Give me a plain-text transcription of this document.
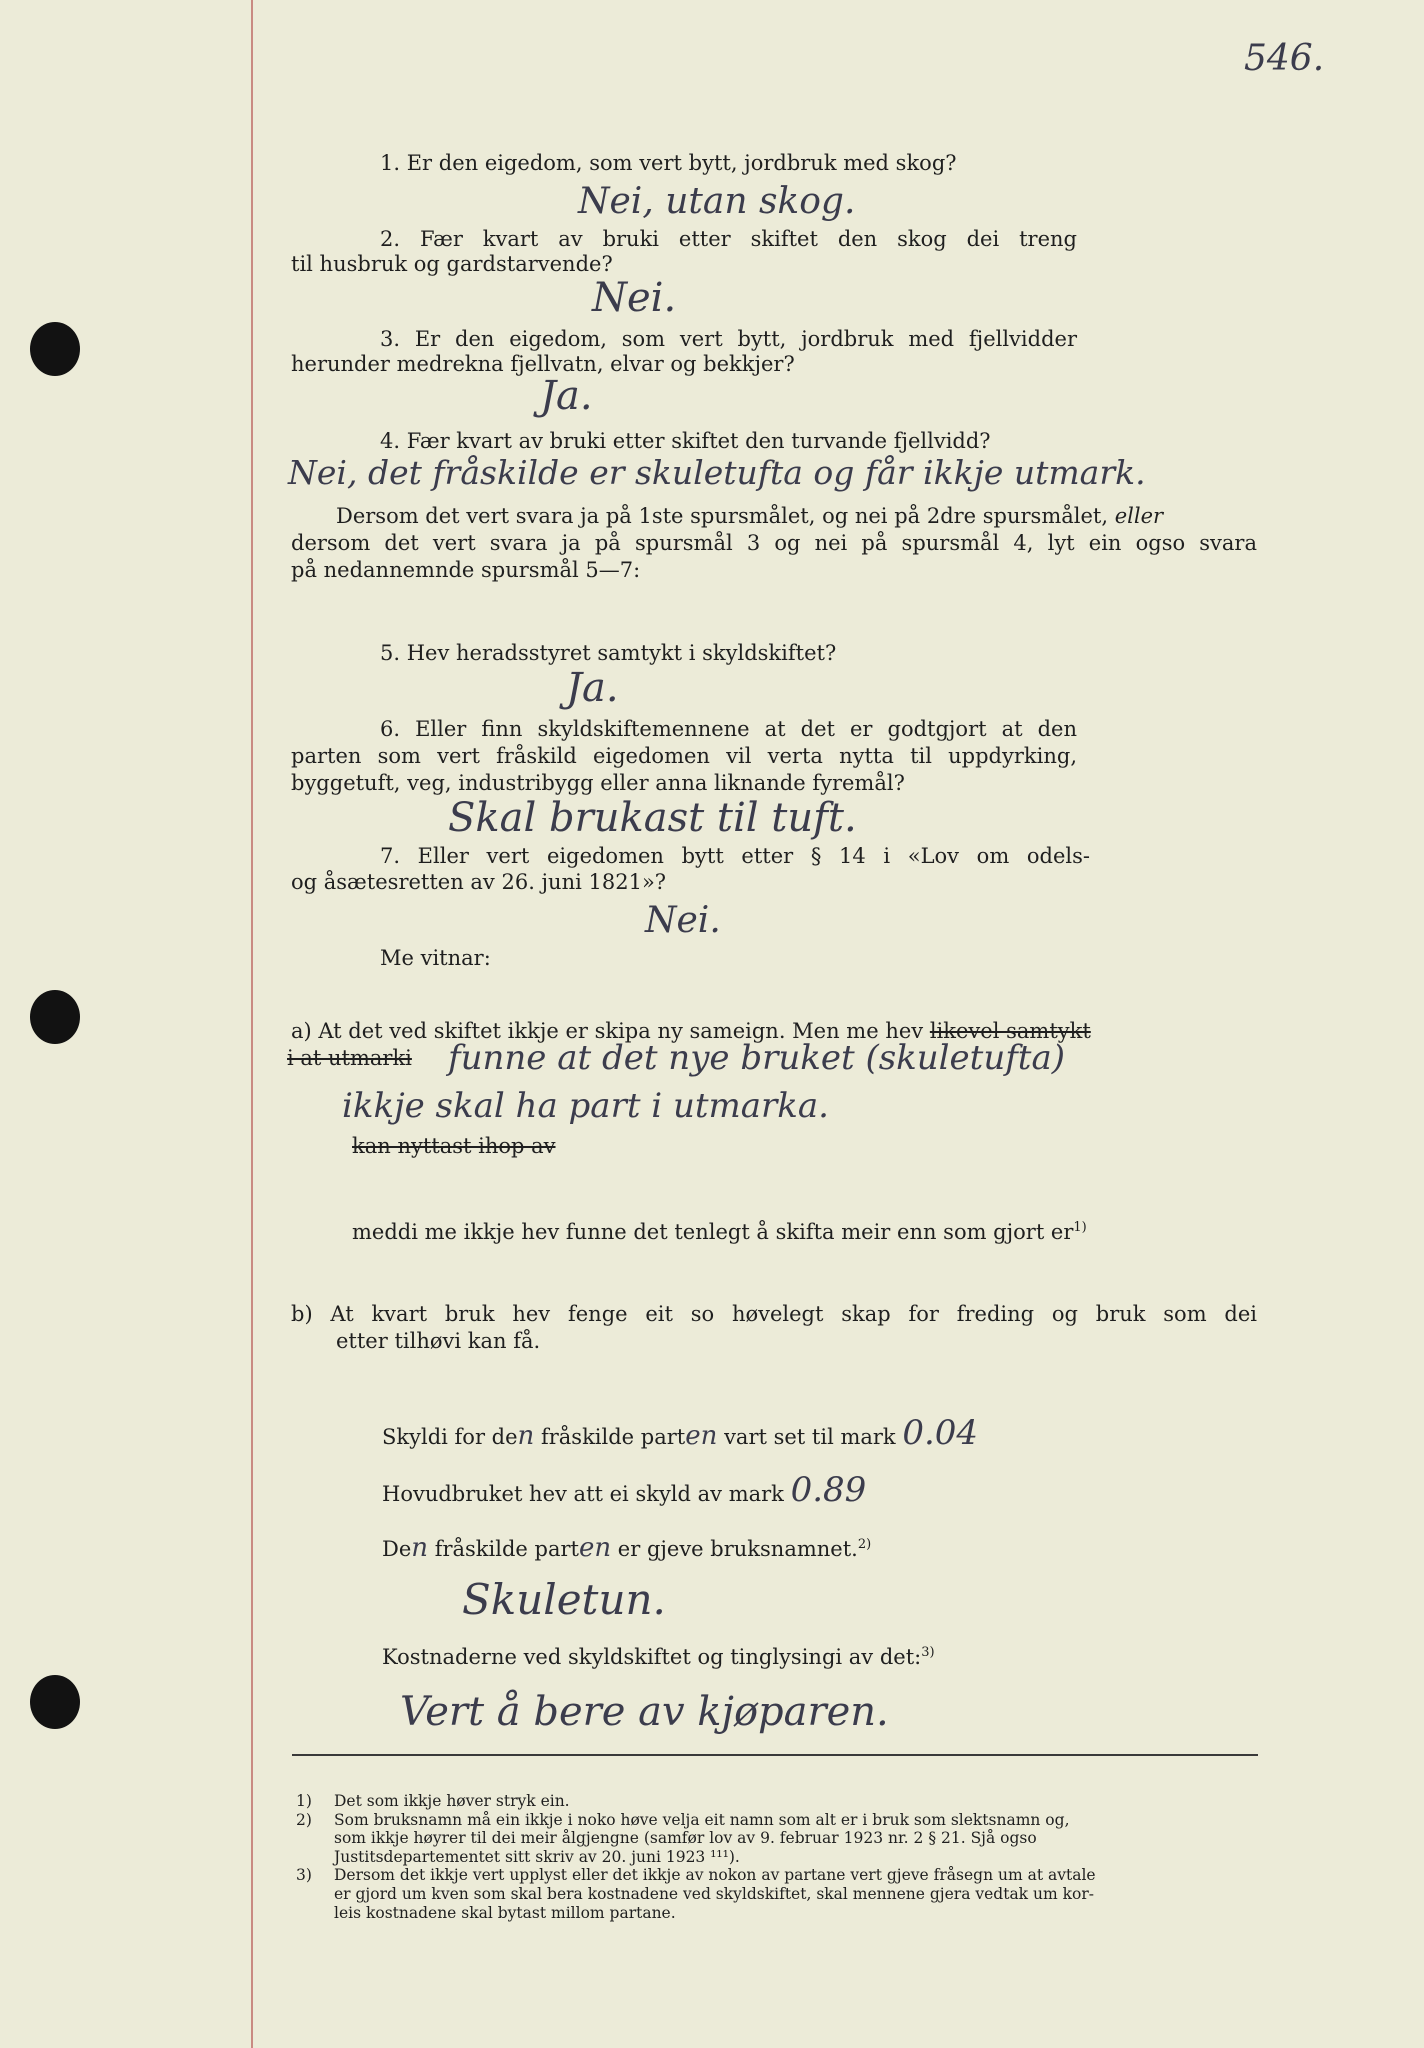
546.
1. Er den eigedom, som vert bytt, jordbruk med skog?
Nei, utan skog.
2. Fær kvart av bruki etter skiftet den skog dei treng
til husbruk og gardstarvende?
Nei.
3. Er den eigedom, som vert bytt, jordbruk med fjellvidder
herunder medrekna fjellvatn, elvar og bekkjer?
Ja.
4. Fær kvart av bruki etter skiftet den turvande fjellvidd?
Nei, det fråskilde er skuletufta og får ikkje utmark.
Dersom det vert svara ja på 1ste spursmålet, og nei på 2dre spursmålet, eller
dersom det vert svara ja på spursmål 3 og nei på spursmål 4, lyt ein ogso svara
på nedannemnde spursmål 5—7:
5. Hev heradsstyret samtykt i skyldskiftet?
Ja.
6. Eller finn skyldskiftemennene at det er godtgjort at den
parten som vert fråskild eigedomen vil verta nytta til uppdyrking,
byggetuft, veg, industribygg eller anna liknande fyremål?
Skal brukast til tuft.
7. Eller vert eigedomen bytt etter § 14 i «Lov om odels-
og åsætesretten av 26. juni 1821»?
Nei.
Me vitnar:
a) At det ved skiftet ikkje er skipa ny sameign. Men me hev likevel samtykt
i at utmarki funne at det nye bruket (skuletufta)
ikkje skal ha part i utmarka.
kan nyttast ihop av
meddi me ikkje hev funne det tenlegt å skifta meir enn som gjort $er^{1)}$
b) At kvart bruk hev fenge eit so høvelegt skap for freding og bruk som dei
etter tilhøvi kan få.
Skyldi for den fråskilde parten vart set til mark 0.04
Hovudbruket hev att ei skyld av mark 0.89
Den fråskilde parten er gjeve bruksnamnet.$^{2)}$
Skuletun.
Kostnaderne ved skyldskiftet og tinglysingi av det:$^{3)}$
Vert å bere av kjøparen.
1) Det som ikkje høver stryk ein.
2) Som bruksnamn må ein ikkje i noko høve velja eit namn som alt er i bruk som slektsnamn og,
som ikkje høyrer til dei meir ålgjengne (samfør lov av 9. februar 1923 nr. 2 § 21. Sjå ogso
Justitsdepartementet sitt skriv av 20. juni 1923 ¹¹¹).
3) Dersom det ikkje vert upplyst eller det ikkje av nokon av partane vert gjeve fråsegn um at avtale
er gjord um kven som skal bera kostnadene ved skyldskiftet, skal mennene gjera vedtak um kor-
leis kostnadene skal bytast millom partane.
